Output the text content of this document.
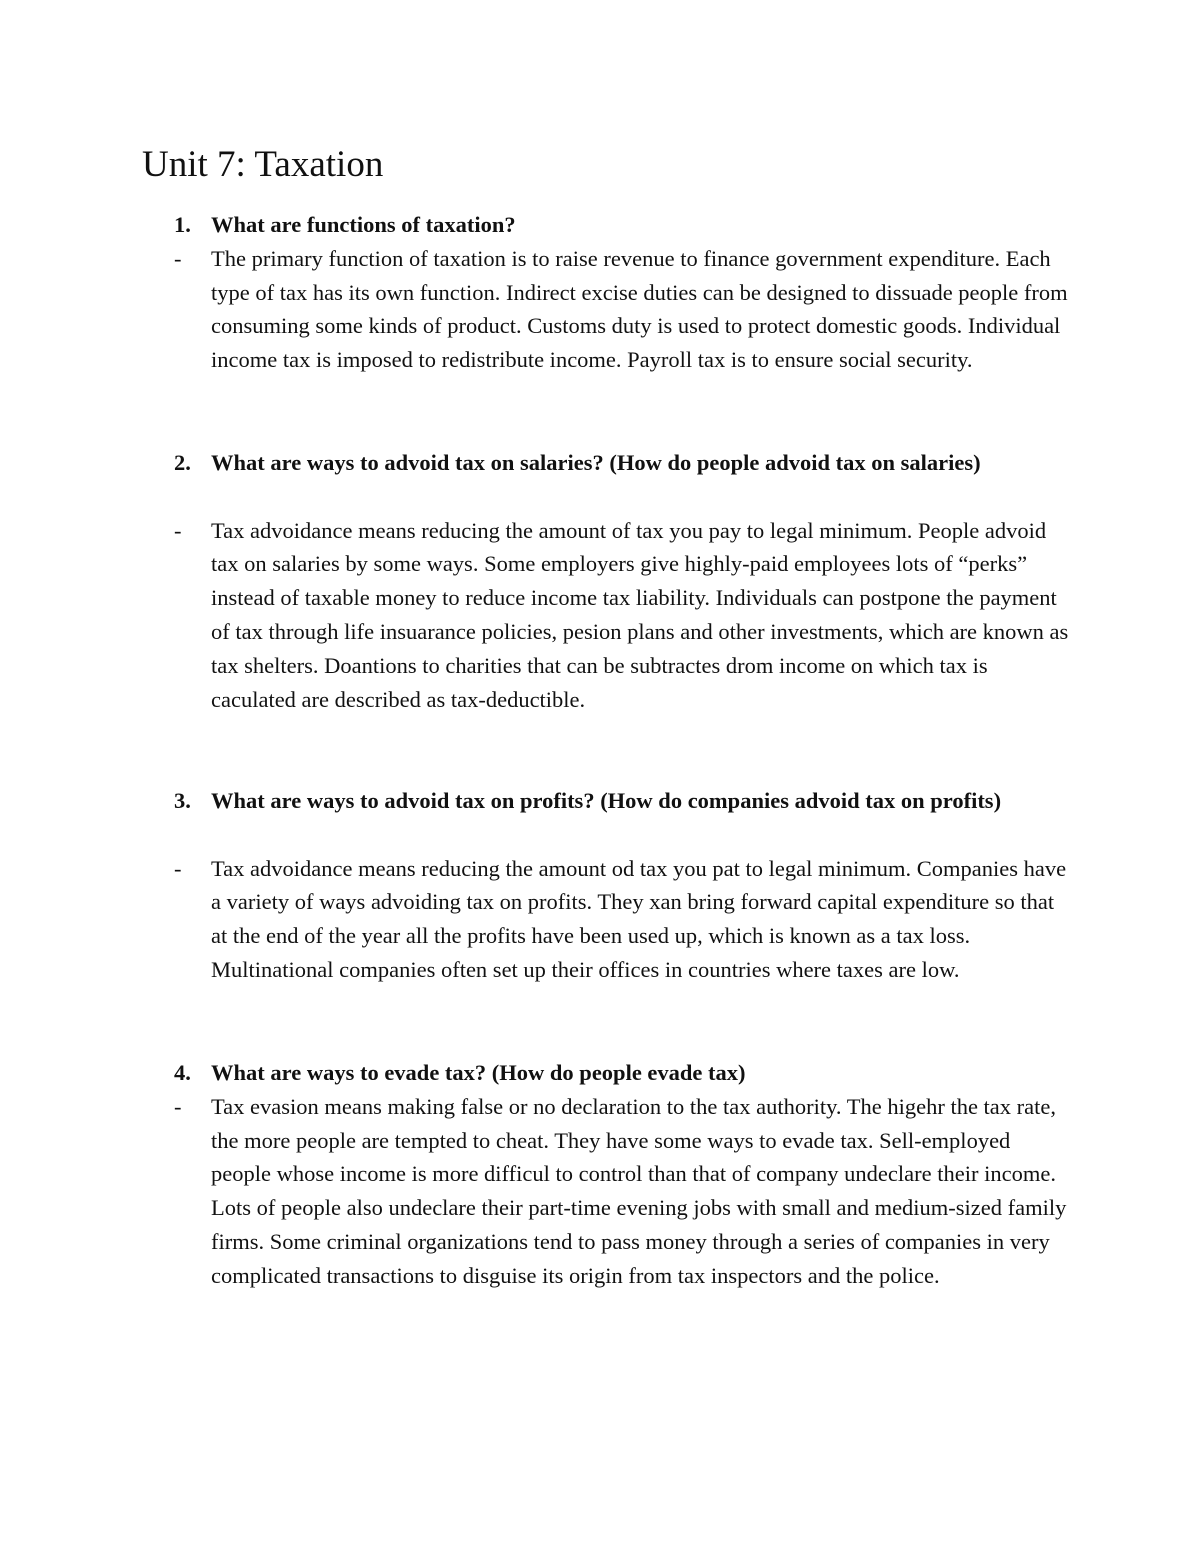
Unit 7: Taxation
1. What are functions of taxation?
- The primary function of taxation is to raise revenue to finance government expenditure. Each type of tax has its own function. Indirect excise duties can be designed to dissuade people from consuming some kinds of product. Customs duty is used to protect domestic goods. Individual income tax is imposed to redistribute income. Payroll tax is to ensure social security.
2. What are ways to advoid tax on salaries? (How do people advoid tax on salaries)
- Tax advoidance means reducing the amount of tax you pay to legal minimum. People advoid tax on salaries by some ways. Some employers give highly-paid employees lots of “perks” instead of taxable money to reduce income tax liability. Individuals can postpone the payment of tax through life insuarance policies, pesion plans and other investments, which are known as tax shelters. Doantions to charities that can be subtractes drom income on which tax is caculated are described as tax-deductible.
3. What are ways to advoid tax on profits? (How do companies advoid tax on profits)
- Tax advoidance means reducing the amount od tax you pat to legal minimum. Companies have a variety of ways advoiding tax on profits. They xan bring forward capital expenditure so that at the end of the year all the profits have been used up, which is known as a tax loss. Multinational companies often set up their offices in countries where taxes are low.
4. What are ways to evade tax? (How do people evade tax)
- Tax evasion means making false or no declaration to the tax authority. The higehr the tax rate, the more people are tempted to cheat. They have some ways to evade tax. Sell-employed people whose income is more difficul to control than that of company undeclare their income. Lots of people also undeclare their part-time evening jobs with small and medium-sized family firms. Some criminal organizations tend to pass money through a series of companies in very complicated transactions to disguise its origin from tax inspectors and the police.
